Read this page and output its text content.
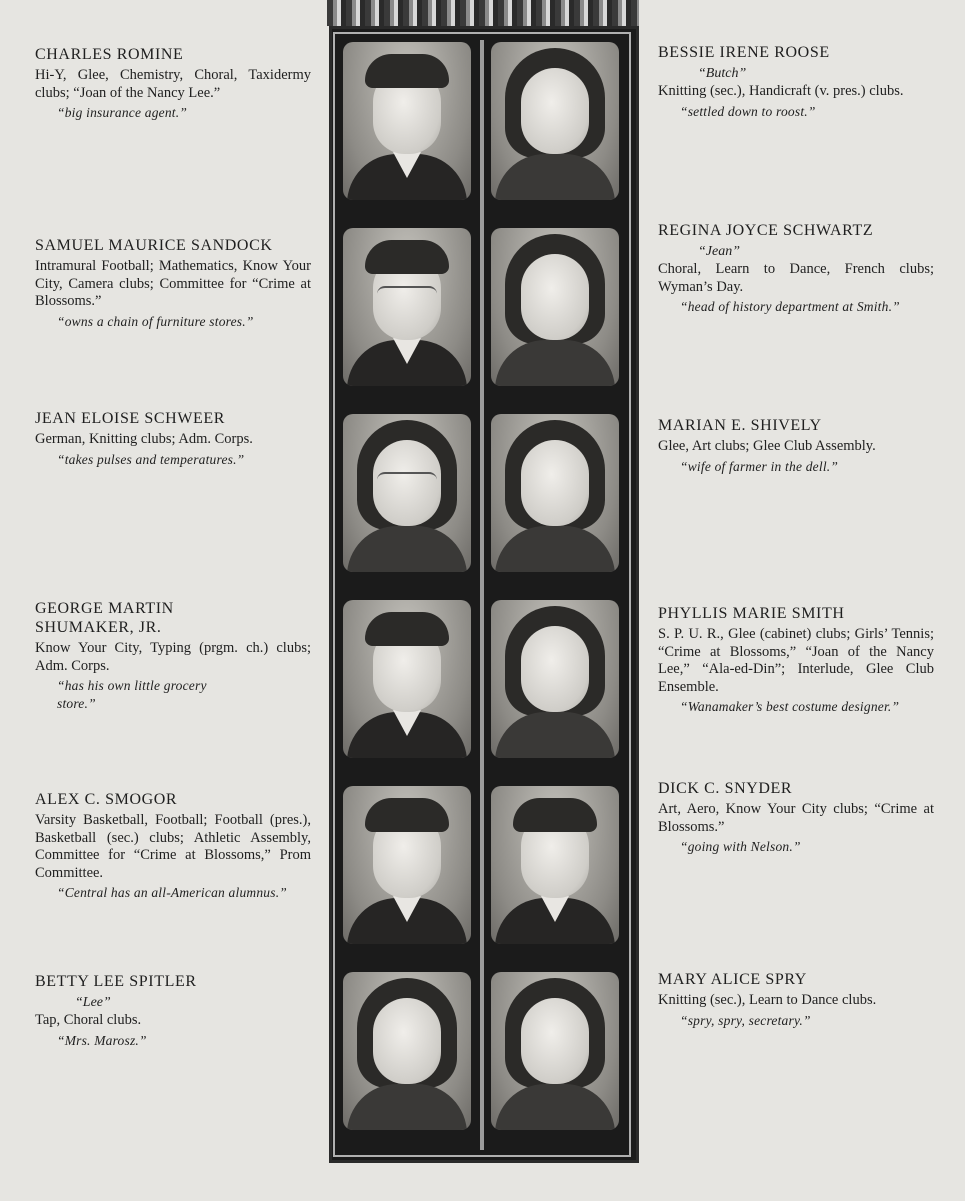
CHARLES ROMINE
Hi-Y, Glee, Chemistry, Choral, Taxidermy clubs; “Joan of the Nancy Lee.”
“big insurance agent.”
SAMUEL MAURICE SANDOCK
Intramural Football; Mathematics, Know Your City, Camera clubs; Committee for “Crime at Blossoms.”
“owns a chain of furniture stores.”
JEAN ELOISE SCHWEER
German, Knitting clubs; Adm. Corps.
“takes pulses and temperatures.”
GEORGE MARTIN SHUMAKER, JR.
Know Your City, Typing (prgm. ch.) clubs; Adm. Corps.
“has his own little grocery store.”
ALEX C. SMOGOR
Varsity Basketball, Football; Football (pres.), Basketball (sec.) clubs; Athletic Assembly, Committee for “Crime at Blossoms,” Prom Committee.
“Central has an all-American alumnus.”
BETTY LEE SPITLER
“Lee”
Tap, Choral clubs.
“Mrs. Marosz.”
BESSIE IRENE ROOSE
“Butch”
Knitting (sec.), Handicraft (v. pres.) clubs.
“settled down to roost.”
REGINA JOYCE SCHWARTZ
“Jean”
Choral, Learn to Dance, French clubs; Wyman’s Day.
“head of history department at Smith.”
MARIAN E. SHIVELY
Glee, Art clubs; Glee Club Assembly.
“wife of farmer in the dell.”
PHYLLIS MARIE SMITH
S. P. U. R., Glee (cabinet) clubs; Girls’ Tennis; “Crime at Blossoms,” “Joan of the Nancy Lee,” “Ala-ed-Din”; Interlude, Glee Club Ensemble.
“Wanamaker’s best costume designer.”
DICK C. SNYDER
Art, Aero, Know Your City clubs; “Crime at Blossoms.”
“going with Nelson.”
MARY ALICE SPRY
Knitting (sec.), Learn to Dance clubs.
“spry, spry, secretary.”
